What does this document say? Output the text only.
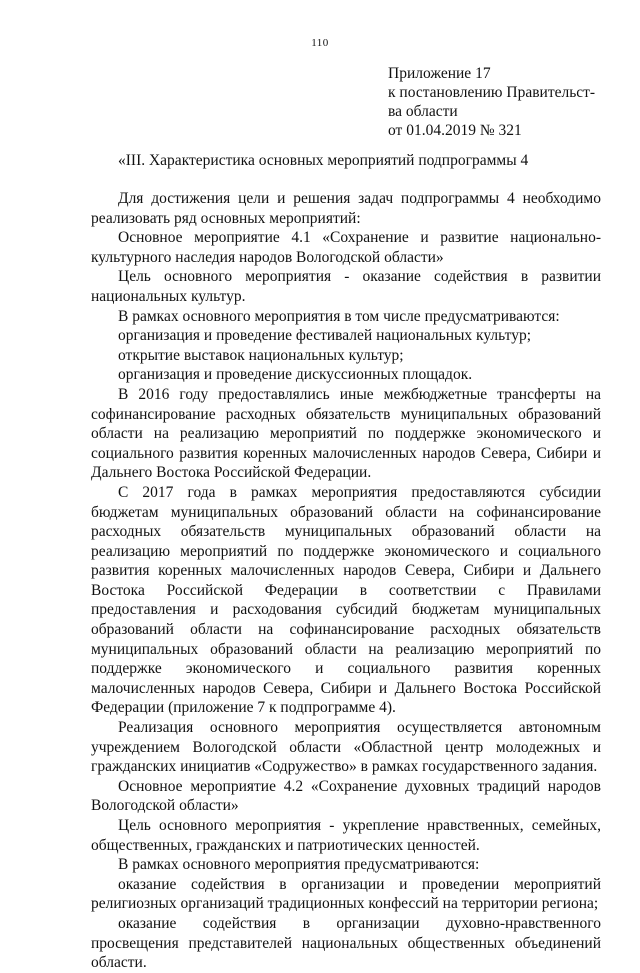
110
Приложение 17
к постановлению Правительст-
ва области
от 01.04.2019 № 321
«III. Характеристика основных мероприятий подпрограммы 4

Для достижения цели и решения задач подпрограммы 4 необходимо реализовать ряд основных мероприятий:

Основное мероприятие 4.1 «Сохранение и развитие национально-культурного наследия народов Вологодской области»

Цель основного мероприятия - оказание содействия в развитии национальных культур.

В рамках основного мероприятия в том числе предусматриваются:

организация и проведение фестивалей национальных культур;

открытие выставок национальных культур;

организация и проведение дискуссионных площадок.

В 2016 году предоставлялись иные межбюджетные трансферты на софинансирование расходных обязательств муниципальных образований области на реализацию мероприятий по поддержке экономического и социального развития коренных малочисленных народов Севера, Сибири и Дальнего Востока Российской Федерации.

С 2017 года в рамках мероприятия предоставляются субсидии бюджетам муниципальных образований области на софинансирование расходных обязательств муниципальных образований области на реализацию мероприятий по поддержке экономического и социального развития коренных малочисленных народов Севера, Сибири и Дальнего Востока Российской Федерации в соответствии с Правилами предоставления и расходования субсидий бюджетам муниципальных образований области на софинансирование расходных обязательств муниципальных образований области на реализацию мероприятий по поддержке экономического и социального развития коренных малочисленных народов Севера, Сибири и Дальнего Востока Российской Федерации (приложение 7 к подпрограмме 4).

Реализация основного мероприятия осуществляется автономным учреждением Вологодской области «Областной центр молодежных и гражданских инициатив «Содружество» в рамках государственного задания.

Основное мероприятие 4.2 «Сохранение духовных традиций народов Вологодской области»

Цель основного мероприятия - укрепление нравственных, семейных, общественных, гражданских и патриотических ценностей.

В рамках основного мероприятия предусматриваются:

оказание содействия в организации и проведении мероприятий религиозных организаций традиционных конфессий на территории региона;

оказание содействия в организации духовно-нравственного просвещения представителей национальных общественных объединений области.
